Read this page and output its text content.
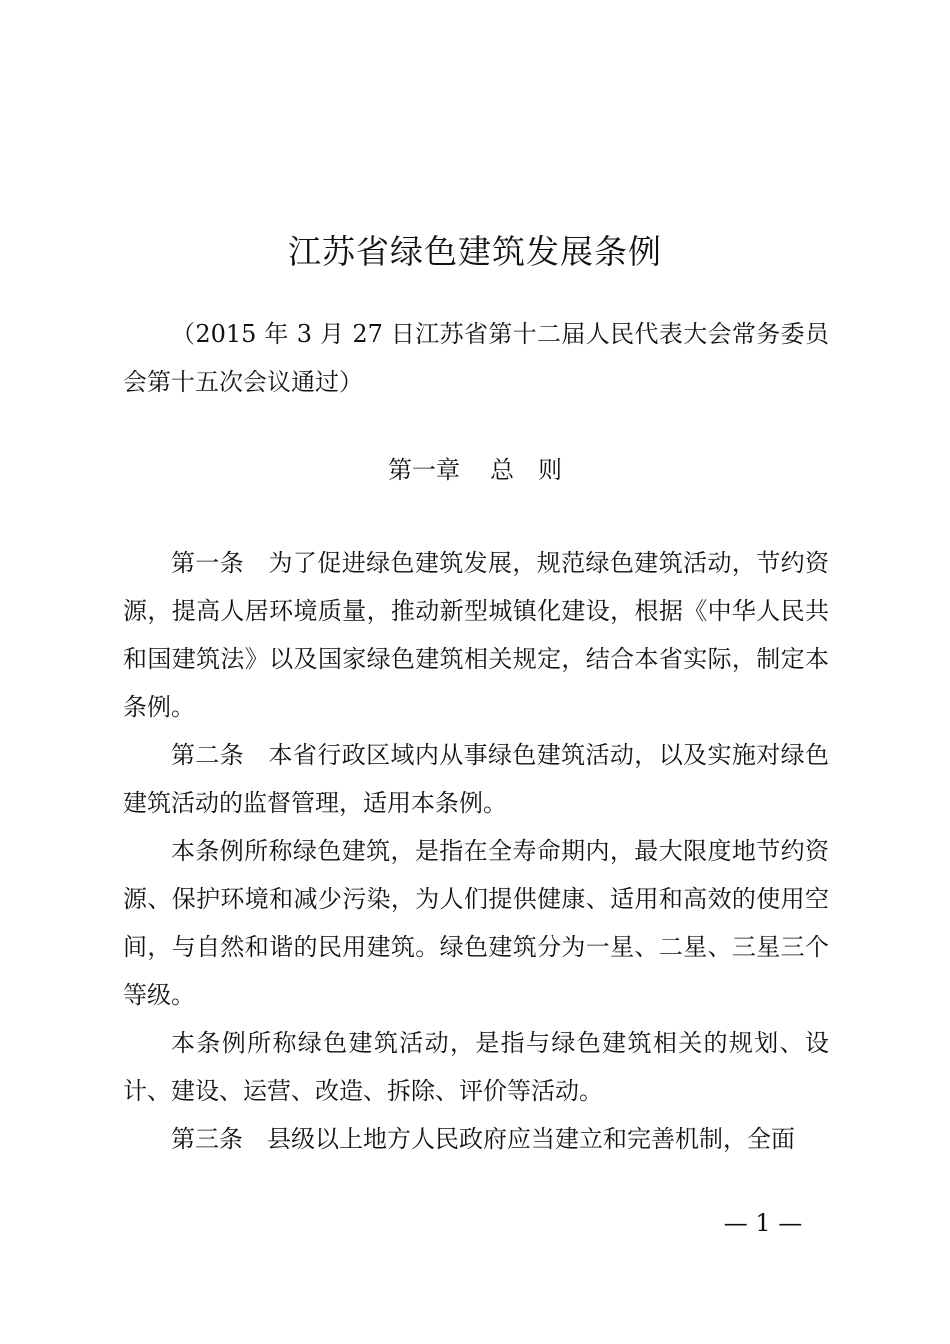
江苏省绿色建筑发展条例

（2015 年 3 月 27 日江苏省第十二届人民代表大会常务委员会第十五次会议通过）

第一章 总 则

第一条 为了促进绿色建筑发展，规范绿色建筑活动，节约资源，提高人居环境质量，推动新型城镇化建设，根据《中华人民共和国建筑法》以及国家绿色建筑相关规定，结合本省实际，制定本条例。

第二条 本省行政区域内从事绿色建筑活动，以及实施对绿色建筑活动的监督管理，适用本条例。

本条例所称绿色建筑，是指在全寿命期内，最大限度地节约资源、保护环境和减少污染，为人们提供健康、适用和高效的使用空间，与自然和谐的民用建筑。绿色建筑分为一星、二星、三星三个等级。

本条例所称绿色建筑活动，是指与绿色建筑相关的规划、设计、建设、运营、改造、拆除、评价等活动。

第三条 县级以上地方人民政府应当建立和完善机制，全面

— 1 —
